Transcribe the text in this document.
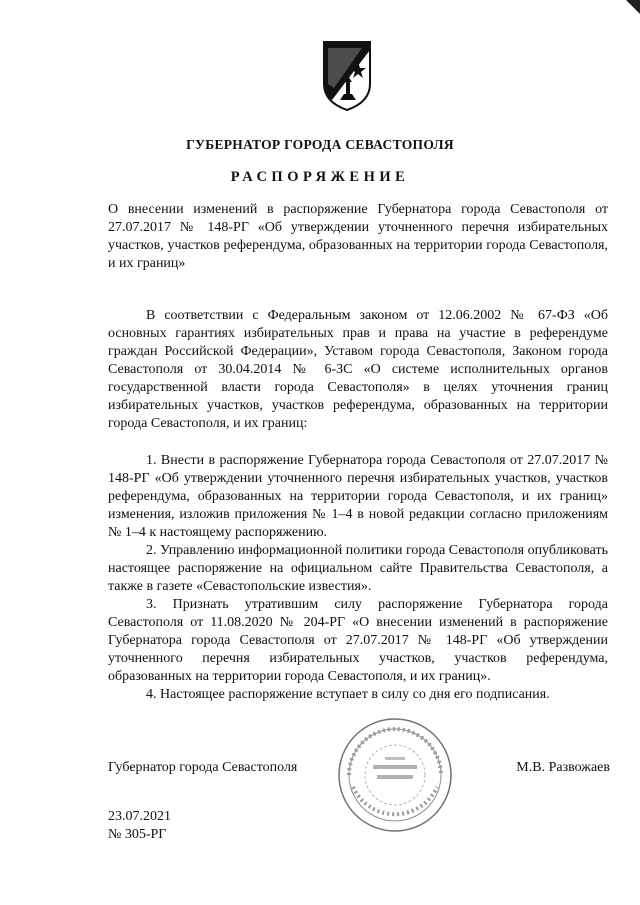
ГУБЕРНАТОР ГОРОДА СЕВАСТОПОЛЯ
РАСПОРЯЖЕНИЕ
О внесении изменений в распоряжение Губернатора города Севастополя от 27.07.2017 № 148-РГ «Об утверждении уточненного перечня избирательных участков, участков референдума, образованных на территории города Севастополя, и их границ»
В соответствии с Федеральным законом от 12.06.2002 № 67-ФЗ «Об основных гарантиях избирательных прав и права на участие в референдуме граждан Российской Федерации», Уставом города Севастополя, Законом города Севастополя от 30.04.2014 № 6-ЗС «О системе исполнительных органов государственной власти города Севастополя» в целях уточнения границ избирательных участков, участков референдума, образованных на территории города Севастополя, и их границ:

1. Внести в распоряжение Губернатора города Севастополя от 27.07.2017 № 148-РГ «Об утверждении уточненного перечня избирательных участков, участков референдума, образованных на территории города Севастополя, и их границ» изменения, изложив приложения № 1–4 в новой редакции согласно приложениям № 1–4 к настоящему распоряжению.

2. Управлению информационной политики города Севастополя опубликовать настоящее распоряжение на официальном сайте Правительства Севастополя, а также в газете «Севастопольские известия».

3. Признать утратившим силу распоряжение Губернатора города Севастополя от 11.08.2020 № 204-РГ «О внесении изменений в распоряжение Губернатора города Севастополя от 27.07.2017 № 148-РГ «Об утверждении уточненного перечня избирательных участков, участков референдума, образованных на территории города Севастополя, и их границ».

4. Настоящее распоряжение вступает в силу со дня его подписания.

Губернатор города Севастополя	М.В. Развожаев
23.07.2021
№ 305-РГ
